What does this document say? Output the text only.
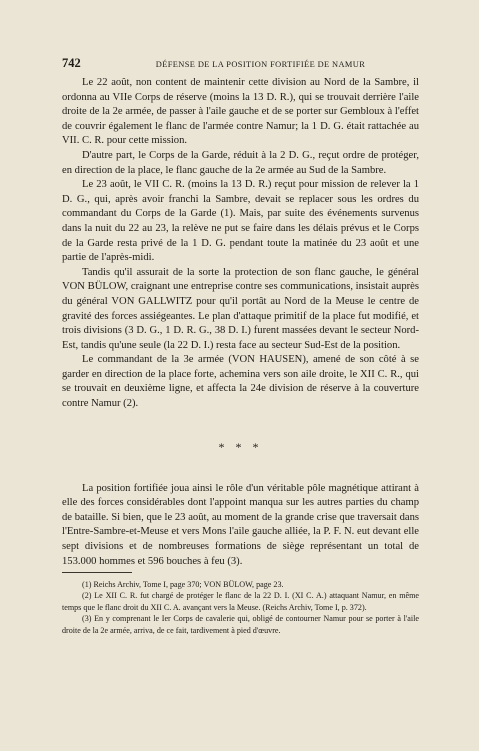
742	DÉFENSE DE LA POSITION FORTIFIÉE DE NAMUR

Le 22 août, non content de maintenir cette division au Nord de la Sambre, il ordonna au VIIe Corps de réserve (moins la 13 D. R.), qui se trouvait derrière l'aile droite de la 2e armée, de passer à l'aile gauche et de se porter sur Gembloux à l'effet de couvrir également le flanc de l'armée contre Namur; la 1 D. G. était rattachée au VII. C. R. pour cette mission.

D'autre part, le Corps de la Garde, réduit à la 2 D. G., reçut ordre de protéger, en direction de la place, le flanc gauche de la 2e armée au Sud de la Sambre.

Le 23 août, le VII C. R. (moins la 13 D. R.) reçut pour mission de relever la 1 D. G., qui, après avoir franchi la Sambre, devait se replacer sous les ordres du commandant du Corps de la Garde (1). Mais, par suite des événements survenus dans la nuit du 22 au 23, la relève ne put se faire dans les délais prévus et le Corps de la Garde resta privé de la 1 D. G. pendant toute la matinée du 23 août et une partie de l'après-midi.

Tandis qu'il assurait de la sorte la protection de son flanc gauche, le général VON BÜLOW, craignant une entreprise contre ses communications, insistait auprès du général VON GALLWITZ pour qu'il portât au Nord de la Meuse le centre de gravité des forces assiégeantes. Le plan d'attaque primitif de la place fut modifié, et trois divisions (3 D. G., 1 D. R. G., 38 D. I.) furent massées devant le secteur Nord-Est, tandis qu'une seule (la 22 D. I.) resta face au secteur Sud-Est de la position.

Le commandant de la 3e armée (VON HAUSEN), amené de son côté à se garder en direction de la place forte, achemina vers son aile droite, le XII C. R., qui se trouvait en deuxième ligne, et affecta la 24e division de réserve à la couverture contre Namur (2).

* * *

La position fortifiée joua ainsi le rôle d'un véritable pôle magnétique attirant à elle des forces considérables dont l'appoint manqua sur les autres parties du champ de bataille. Si bien, que le 23 août, au moment de la grande crise que traversait dans l'Entre-Sambre-et-Meuse et vers Mons l'aile gauche alliée, la P. F. N. eut devant elle sept divisions et de nombreuses formations de siège représentant un total de 153.000 hommes et 596 bouches à feu (3).

(1) Reichs Archiv, Tome I, page 370; VON BÜLOW, page 23.

(2) Le XII C. R. fut chargé de protéger le flanc de la 22 D. I. (XI C. A.) attaquant Namur, en même temps que le flanc droit du XII C. A. avançant vers la Meuse. (Reichs Archiv, Tome I, p. 372).

(3) En y comprenant le Ier Corps de cavalerie qui, obligé de contourner Namur pour se porter à l'aile droite de la 2e armée, arriva, de ce fait, tardivement à pied d'œuvre.
